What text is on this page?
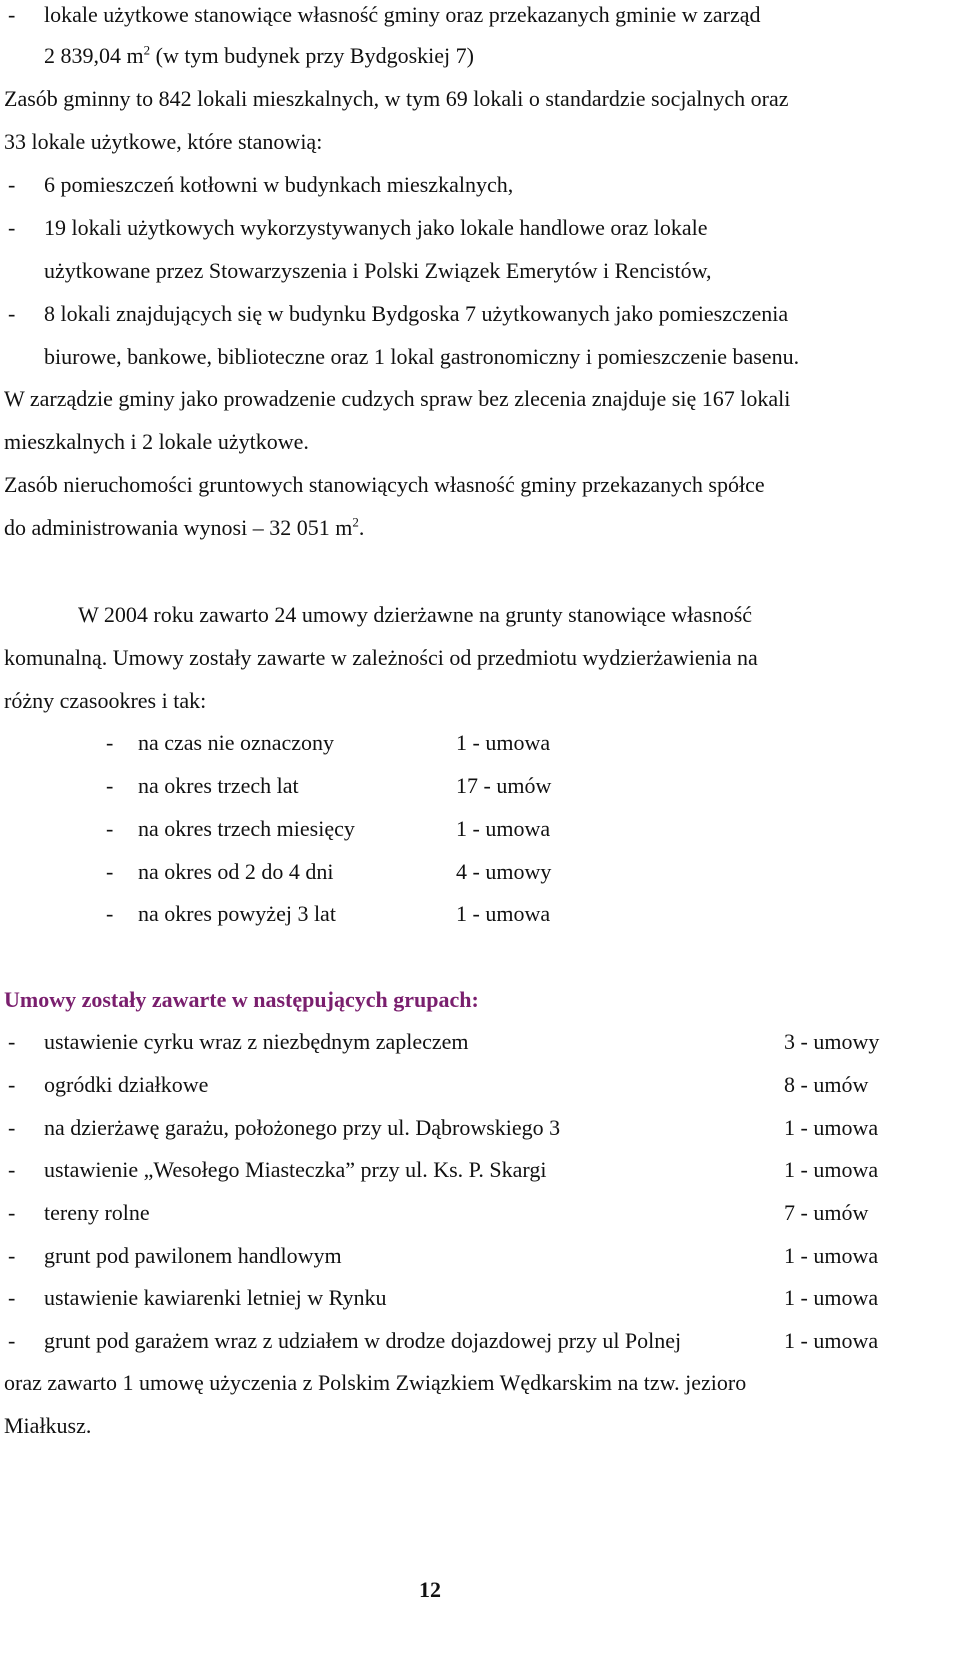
- lokale użytkowe stanowiące własność gminy oraz przekazanych gminie w zarząd
2 839,04 $m^2$ (w tym budynek przy Bydgoskiej 7)
Zasób gminny to 842 lokali mieszkalnych, w tym 69 lokali o standardzie socjalnych oraz
33 lokale użytkowe, które stanowią:
- 6 pomieszczeń kotłowni w budynkach mieszkalnych,
- 19 lokali użytkowych wykorzystywanych jako lokale handlowe oraz lokale
użytkowane przez Stowarzyszenia i Polski Związek Emerytów i Rencistów,
- 8 lokali znajdujących się w budynku Bydgoska 7 użytkowanych jako pomieszczenia
biurowe, bankowe, biblioteczne oraz 1 lokal gastronomiczny i pomieszczenie basenu.
W zarządzie gminy jako prowadzenie cudzych spraw bez zlecenia znajduje się 167 lokali
mieszkalnych i 2 lokale użytkowe.
Zasób nieruchomości gruntowych stanowiących własność gminy przekazanych spółce
do administrowania wynosi – 32 051 $m^2$.
W 2004 roku zawarto 24 umowy dzierżawne na grunty stanowiące własność
komunalną. Umowy zostały zawarte w zależności od przedmiotu wydzierżawienia na
różny czasookres i tak:
- na czas nie oznaczony	1 - umowa
- na okres trzech lat	17 - umów
- na okres trzech miesięcy	1 - umowa
- na okres od 2 do 4 dni	4 - umowy
- na okres powyżej 3 lat	1 - umowa
Umowy zostały zawarte w następujących grupach:
- ustawienie cyrku wraz z niezbędnym zapleczem	3 - umowy
- ogródki działkowe	8 - umów
- na dzierżawę garażu, położonego przy ul. Dąbrowskiego 3	1 - umowa
- ustawienie „Wesołego Miasteczka” przy ul. Ks. P. Skargi	1 - umowa
- tereny rolne	7 - umów
- grunt pod pawilonem handlowym	1 - umowa
- ustawienie kawiarenki letniej w Rynku	1 - umowa
- grunt pod garażem wraz z udziałem w drodze dojazdowej przy ul Polnej	1 - umowa
oraz zawarto 1 umowę użyczenia z Polskim Związkiem Wędkarskim na tzw. jezioro
Miałkusz.
12
